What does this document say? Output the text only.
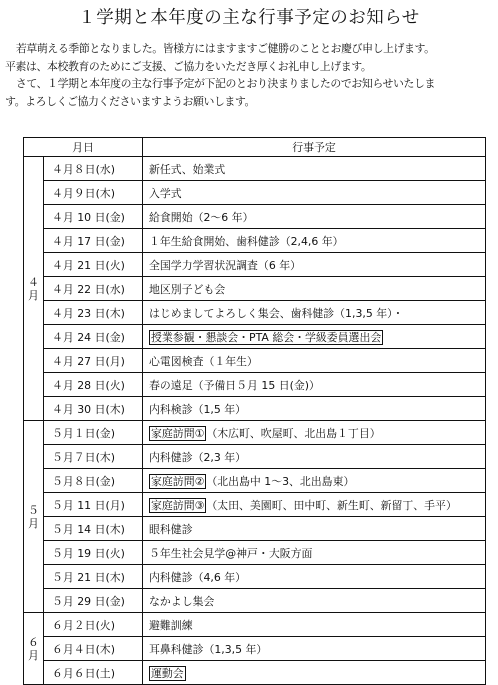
１学期と本年度の主な行事予定のお知らせ

若草萌える季節となりました。皆様方にはますますご健勝のこととお慶び申し上げます。

平素は、本校教育のためにご支援、ご協力をいただき厚くお礼申し上げます。

さて、１学期と本年度の主な行事予定が下記のとおり決まりましたのでお知らせいたしま

す。よろしくご協力くださいますようお願いします。

月日		行事予定

４
月	４月８日(水)	新任式、始業式
	４月９日(木)	入学式
	４月 10 日(金)	給食開始（2〜6 年）
	４月 17 日(金)	１年生給食開始、歯科健診（2,4,6 年）
	４月 21 日(火)	全国学力学習状況調査（6 年）
	４月 22 日(水)	地区別子ども会
	４月 23 日(木)	はじめましてよろしく集会、歯科健診（1,3,5 年）・
	４月 24 日(金)	授業参観・懇談会・PTA 総会・学級委員選出会
	４月 27 日(月)	心電図検査（１年生）
	４月 28 日(火)	春の遠足（予備日５月 15 日(金)）
	４月 30 日(木)	内科検診（1,5 年）

５
月	５月１日(金)	家庭訪問① （木広町、吹屋町、北出島１丁目）
	５月７日(木)	内科健診（2,3 年）
	５月８日(金)	家庭訪問② （北出島中 1〜3、北出島東）
	５月 11 日(月)	家庭訪問③ （太田、美園町、田中町、新生町、新留丁、手平）
	５月 14 日(木)	眼科健診
	５月 19 日(火)	５年生社会見学@神戸・大阪方面
	５月 21 日(木)	内科健診（4,6 年）
	５月 29 日(金)	なかよし集会

６
月	６月２日(火)	避難訓練
	６月４日(木)	耳鼻科健診（1,3,5 年）
	６月６日(土)	運動会
